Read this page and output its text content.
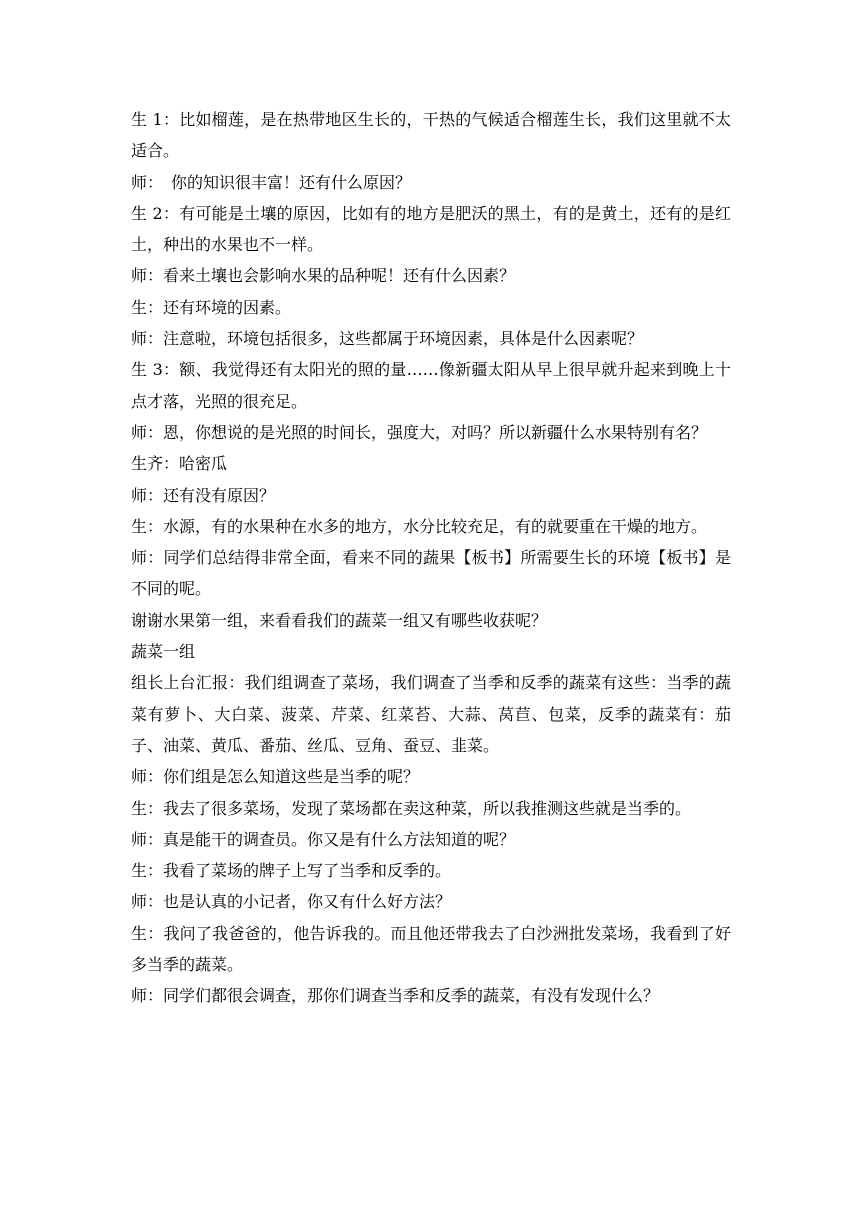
生 1：比如榴莲，是在热带地区生长的，干热的气候适合榴莲生长，我们这里就不太适合。

师：　你的知识很丰富！还有什么原因？

生 2：有可能是土壤的原因，比如有的地方是肥沃的黑土，有的是黄土，还有的是红土，种出的水果也不一样。

师：看来土壤也会影响水果的品种呢！还有什么因素？

生：还有环境的因素。

师：注意啦，环境包括很多，这些都属于环境因素，具体是什么因素呢？

生 3：额、我觉得还有太阳光的照的量……像新疆太阳从早上很早就升起来到晚上十点才落，光照的很充足。

师：恩，你想说的是光照的时间长，强度大，对吗？所以新疆什么水果特别有名？

生齐：哈密瓜

师：还有没有原因？

生：水源，有的水果种在水多的地方，水分比较充足，有的就要重在干燥的地方。

师：同学们总结得非常全面，看来不同的蔬果【板书】所需要生长的环境【板书】是不同的呢。

谢谢水果第一组，来看看我们的蔬菜一组又有哪些收获呢？

蔬菜一组

组长上台汇报：我们组调查了菜场，我们调查了当季和反季的蔬菜有这些：当季的蔬菜有萝卜、大白菜、菠菜、芹菜、红菜苔、大蒜、莴苣、包菜，反季的蔬菜有：茄子、油菜、黄瓜、番茄、丝瓜、豆角、蚕豆、韭菜。

师：你们组是怎么知道这些是当季的呢？

生：我去了很多菜场，发现了菜场都在卖这种菜，所以我推测这些就是当季的。

师：真是能干的调查员。你又是有什么方法知道的呢？

生：我看了菜场的牌子上写了当季和反季的。

师：也是认真的小记者，你又有什么好方法？

生：我问了我爸爸的，他告诉我的。而且他还带我去了白沙洲批发菜场，我看到了好多当季的蔬菜。

师：同学们都很会调查，那你们调查当季和反季的蔬菜，有没有发现什么？
